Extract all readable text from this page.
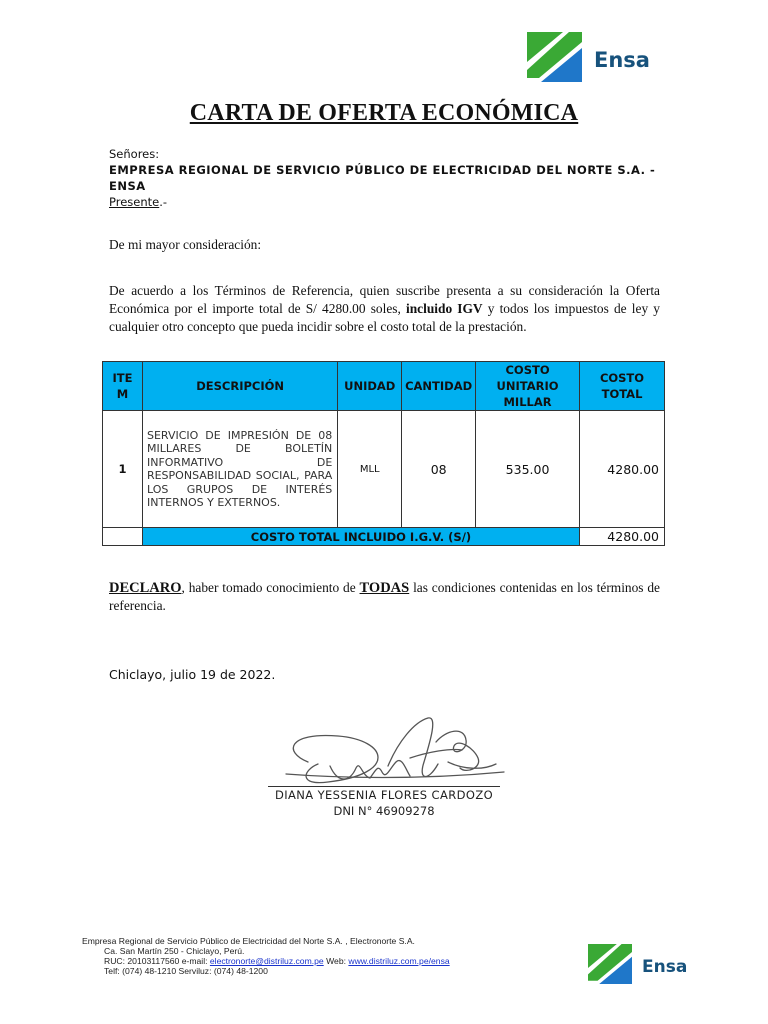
Ensa
CARTA DE OFERTA ECONÓMICA
Señores:
EMPRESA REGIONAL DE SERVICIO PÚBLICO DE ELECTRICIDAD DEL NORTE S.A. - ENSA
Presente.-
De mi mayor consideración:
De acuerdo a los Términos de Referencia, quien suscribe presenta a su consideración la Oferta Económica por el importe total de S/ 4280.00 soles, incluido IGV y todos los impuestos de ley y cualquier otro concepto que pueda incidir sobre el costo total de la prestación.
ITE M	DESCRIPCIÓN	UNIDAD	CANTIDAD	COSTO UNITARIO MILLAR	COSTO TOTAL
1	SERVICIO DE IMPRESIÓN DE 08 MILLARES DE BOLETÍN INFORMATIVO DE RESPONSABILIDAD SOCIAL, PARA LOS GRUPOS DE INTERÉS INTERNOS Y EXTERNOS.	MLL	08	535.00	4280.00
	COSTO TOTAL INCLUIDO I.G.V. (S/)				4280.00
DECLARO, haber tomado conocimiento de TODAS las condiciones contenidas en los términos de referencia.
Chiclayo, julio 19 de 2022.
DIANA YESSENIA FLORES CARDOZO
DNI N° 46909278
Empresa Regional de Servicio Público de Electricidad del Norte S.A. , Electronorte S.A.
Ca. San Martín 250 - Chiclayo, Perú.
RUC: 20103117560 e-mail: electronorte@distriluz.com.pe Web: www.distriluz.com.pe/ensa
Telf: (074) 48-1210 Serviluz: (074) 48-1200	Ensa
